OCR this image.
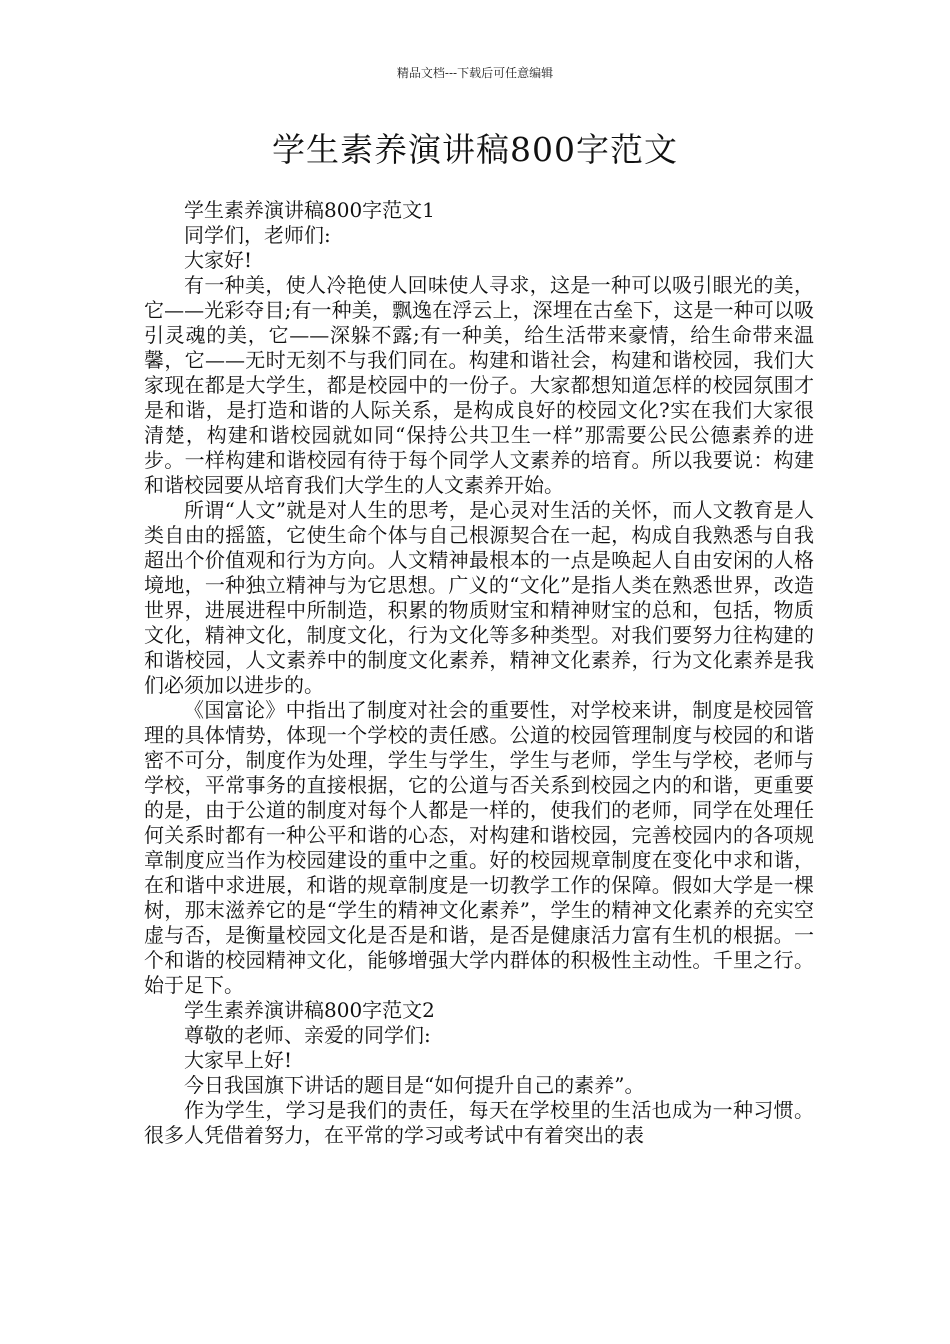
精品文档---下载后可任意编辑
学生素养演讲稿800字范文

学生素养演讲稿800字范文1

同学们，老师们:

大家好!

有一种美，使人冷艳使人回味使人寻求，这是一种可以吸引眼光的美，它——光彩夺目;有一种美，飘逸在浮云上，深埋在古垒下，这是一种可以吸引灵魂的美，它——深躲不露;有一种美，给生活带来豪情，给生命带来温馨，它——无时无刻不与我们同在。构建和谐社会，构建和谐校园，我们大家现在都是大学生，都是校园中的一份子。大家都想知道怎样的校园氛围才是和谐，是打造和谐的人际关系，是构成良好的校园文化?实在我们大家很清楚，构建和谐校园就如同“保持公共卫生一样”那需要公民公德素养的进步。一样构建和谐校园有待于每个同学人文素养的培育。所以我要说：构建和谐校园要从培育我们大学生的人文素养开始。

所谓“人文”就是对人生的思考，是心灵对生活的关怀，而人文教育是人类自由的摇篮，它使生命个体与自己根源契合在一起，构成自我熟悉与自我超出个价值观和行为方向。人文精神最根本的一点是唤起人自由安闲的人格境地，一种独立精神与为它思想。广义的“文化”是指人类在熟悉世界，改造世界，进展进程中所制造，积累的物质财宝和精神财宝的总和，包括，物质文化，精神文化，制度文化，行为文化等多种类型。对我们要努力往构建的和谐校园，人文素养中的制度文化素养，精神文化素养，行为文化素养是我们必须加以进步的。

《国富论》中指出了制度对社会的重要性，对学校来讲，制度是校园管理的具体情势，体现一个学校的责任感。公道的校园管理制度与校园的和谐密不可分，制度作为处理，学生与学生，学生与老师，学生与学校，老师与学校，平常事务的直接根据，它的公道与否关系到校园之内的和谐，更重要的是，由于公道的制度对每个人都是一样的，使我们的老师，同学在处理任何关系时都有一种公平和谐的心态，对构建和谐校园，完善校园内的各项规章制度应当作为校园建设的重中之重。好的校园规章制度在变化中求和谐，在和谐中求进展，和谐的规章制度是一切教学工作的保障。假如大学是一棵树，那末滋养它的是“学生的精神文化素养”，学生的精神文化素养的充实空虚与否，是衡量校园文化是否是和谐，是否是健康活力富有生机的根据。一个和谐的校园精神文化，能够增强大学内群体的积极性主动性。千里之行。始于足下。

学生素养演讲稿800字范文2

尊敬的老师、亲爱的同学们:

大家早上好!

今日我国旗下讲话的题目是“如何提升自己的素养”。

作为学生，学习是我们的责任，每天在学校里的生活也成为一种习惯。很多人凭借着努力，在平常的学习或考试中有着突出的表
